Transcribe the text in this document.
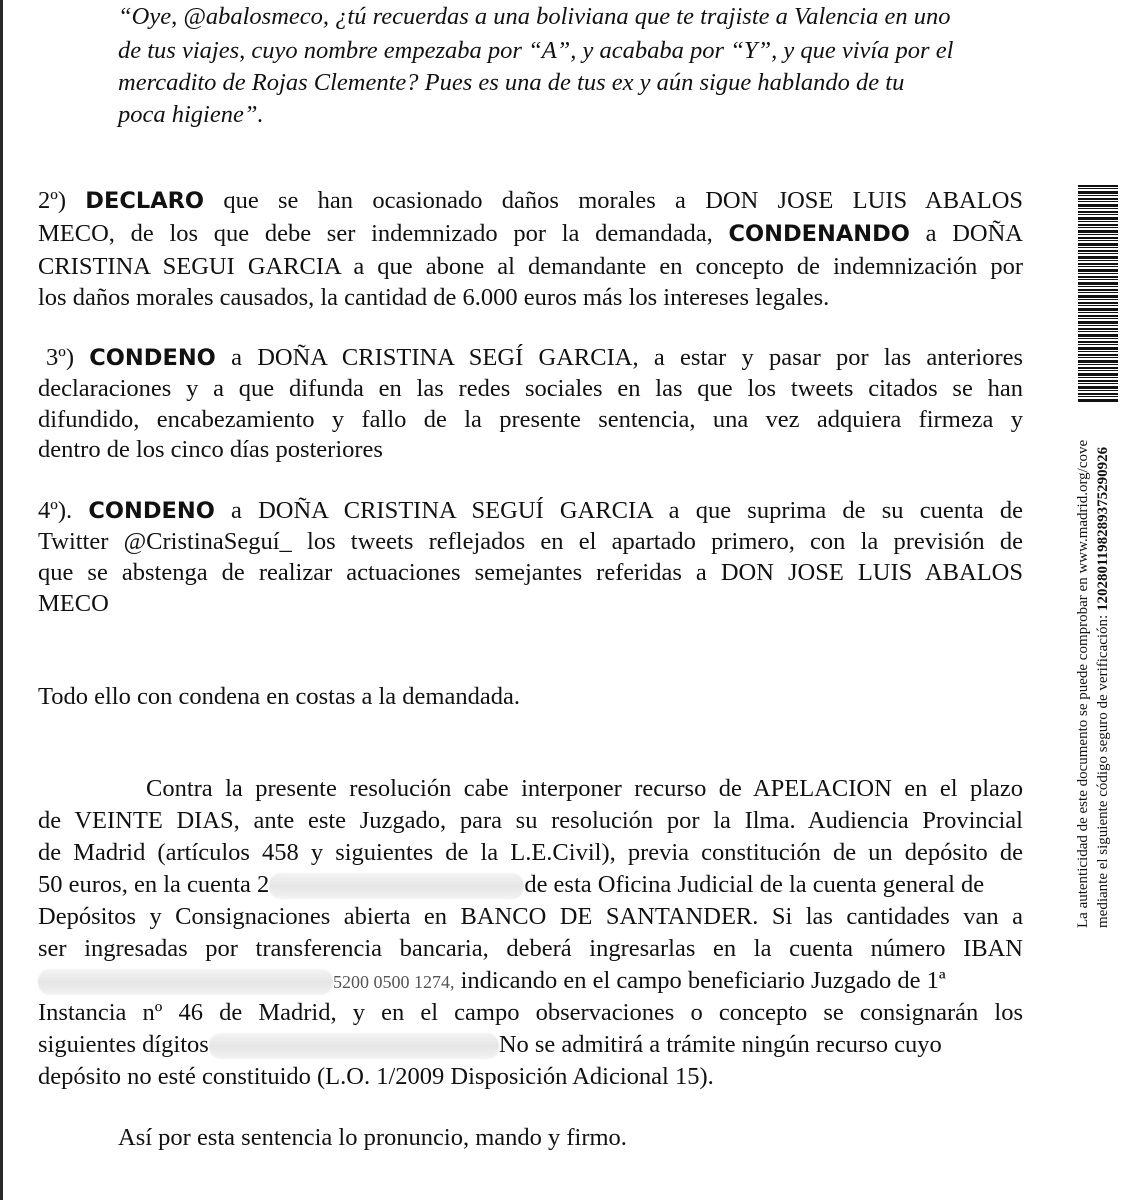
“Oye, @abalosmeco, ¿tú recuerdas a una boliviana que te trajiste a Valencia en uno
de tus viajes, cuyo nombre empezaba por “A”, y acababa por “Y”, y que vivía por el
mercadito de Rojas Clemente? Pues es una de tus ex y aún sigue hablando de tu
poca higiene”.
2º) DECLARO que se han ocasionado daños morales a DON JOSE LUIS ABALOS
MECO, de los que debe ser indemnizado por la demandada, CONDENANDO a DOÑA
CRISTINA SEGUI GARCIA a que abone al demandante en concepto de indemnización por
los daños morales causados, la cantidad de 6.000 euros más los intereses legales.
3º) CONDENO a DOÑA CRISTINA SEGÍ GARCIA, a estar y pasar por las anteriores
declaraciones y a que difunda en las redes sociales en las que los tweets citados se han
difundido, encabezamiento y fallo de la presente sentencia, una vez adquiera firmeza y
dentro de los cinco días posteriores
4º). CONDENO a DOÑA CRISTINA SEGUÍ GARCIA a que suprima de su cuenta de
Twitter @CristinaSeguí_ los tweets reflejados en el apartado primero, con la previsión de
que se abstenga de realizar actuaciones semejantes referidas a DON JOSE LUIS ABALOS
MECO
Todo ello con condena en costas a la demandada.
Contra la presente resolución cabe interponer recurso de APELACION en el plazo
de VEINTE DIAS, ante este Juzgado, para su resolución por la Ilma. Audiencia Provincial
de Madrid (artículos 458 y siguientes de la L.E.Civil), previa constitución de un depósito de
50 euros, en la cuenta 2	de esta Oficina Judicial de la cuenta general de
Depósitos y Consignaciones abierta en BANCO DE SANTANDER. Si las cantidades van a
ser ingresadas por transferencia bancaria, deberá ingresarlas en la cuenta número IBAN
5200 0500 1274, indicando en el campo beneficiario Juzgado de 1ª
Instancia nº 46 de Madrid, y en el campo observaciones o concepto se consignarán los
siguientes dígitos	No se admitirá a trámite ningún recurso cuyo
depósito no esté constituido (L.O. 1/2009 Disposición Adicional 15).
Así por esta sentencia lo pronuncio, mando y firmo.
La autenticidad de este documento se puede comprobar en www.madrid.org/cove mediante el siguiente código seguro de verificación: 1202801198289375290926
